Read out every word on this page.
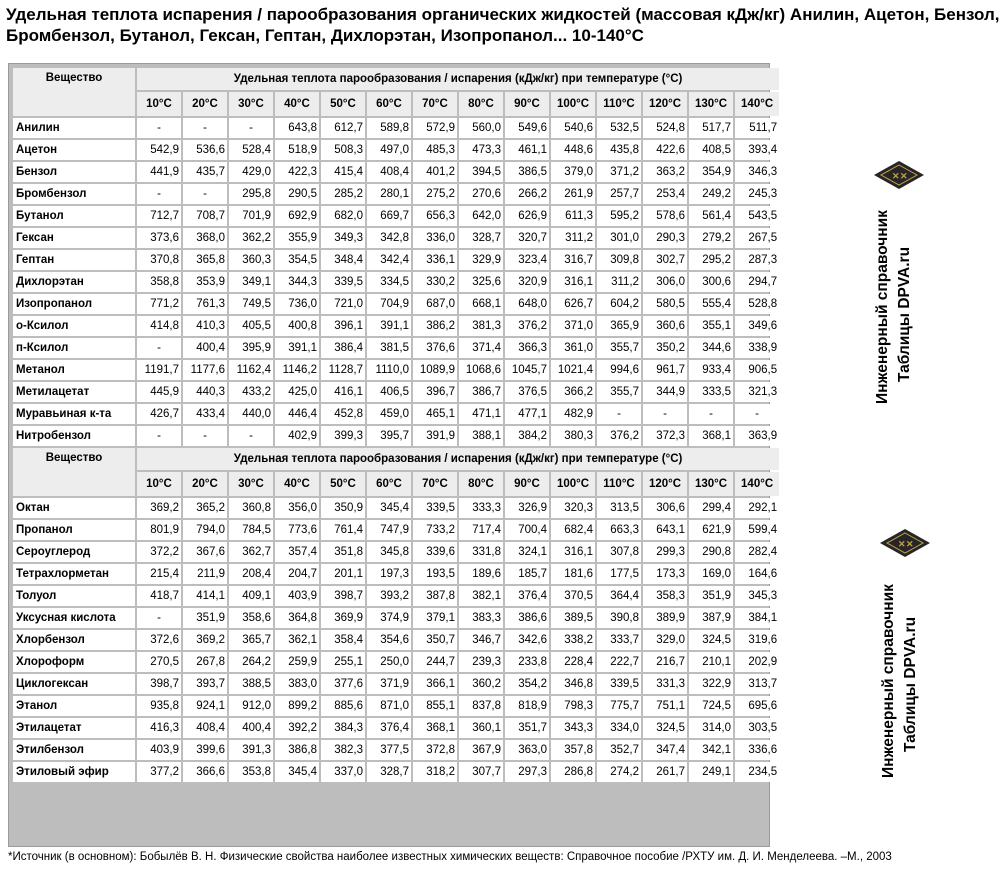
Удельная теплота испарения / парообразования органических жидкостей (массовая кДж/кг) Анилин, Ацетон, Бензол, Бромбензол, Бутанол, Гексан, Гептан, Дихлорэтан, Изопропанол... 10-140°C
Вещество	Удельная теплота парообразования / испарения (кДж/кг) при температуре (°C)													
	10°C	20°C	30°C	40°C	50°C	60°C	70°C	80°C	90°C	100°C	110°C	120°C	130°C	140°C
Анилин	-	-	-	643,8	612,7	589,8	572,9	560,0	549,6	540,6	532,5	524,8	517,7	511,7
Ацетон	542,9	536,6	528,4	518,9	508,3	497,0	485,3	473,3	461,1	448,6	435,8	422,6	408,5	393,4
Бензол	441,9	435,7	429,0	422,3	415,4	408,4	401,2	394,5	386,5	379,0	371,2	363,2	354,9	346,3
Бромбензол	-	-	295,8	290,5	285,2	280,1	275,2	270,6	266,2	261,9	257,7	253,4	249,2	245,3
Бутанол	712,7	708,7	701,9	692,9	682,0	669,7	656,3	642,0	626,9	611,3	595,2	578,6	561,4	543,5
Гексан	373,6	368,0	362,2	355,9	349,3	342,8	336,0	328,7	320,7	311,2	301,0	290,3	279,2	267,5
Гептан	370,8	365,8	360,3	354,5	348,4	342,4	336,1	329,9	323,4	316,7	309,8	302,7	295,2	287,3
Дихлорэтан	358,8	353,9	349,1	344,3	339,5	334,5	330,2	325,6	320,9	316,1	311,2	306,0	300,6	294,7
Изопропанол	771,2	761,3	749,5	736,0	721,0	704,9	687,0	668,1	648,0	626,7	604,2	580,5	555,4	528,8
о-Ксилол	414,8	410,3	405,5	400,8	396,1	391,1	386,2	381,3	376,2	371,0	365,9	360,6	355,1	349,6
п-Ксилол	-	400,4	395,9	391,1	386,4	381,5	376,6	371,4	366,3	361,0	355,7	350,2	344,6	338,9
Метанол	1191,7	1177,6	1162,4	1146,2	1128,7	1110,0	1089,9	1068,6	1045,7	1021,4	994,6	961,7	933,4	906,5
Метилацетат	445,9	440,3	433,2	425,0	416,1	406,5	396,7	386,7	376,5	366,2	355,7	344,9	333,5	321,3
Муравьиная к-та	426,7	433,4	440,0	446,4	452,8	459,0	465,1	471,1	477,1	482,9	-	-	-	-
Нитробензол	-	-	-	402,9	399,3	395,7	391,9	388,1	384,2	380,3	376,2	372,3	368,1	363,9
Вещество	Удельная теплота парообразования / испарения (кДж/кг) при температуре (°C)													
	10°C	20°C	30°C	40°C	50°C	60°C	70°C	80°C	90°C	100°C	110°C	120°C	130°C	140°C
Октан	369,2	365,2	360,8	356,0	350,9	345,4	339,5	333,3	326,9	320,3	313,5	306,6	299,4	292,1
Пропанол	801,9	794,0	784,5	773,6	761,4	747,9	733,2	717,4	700,4	682,4	663,3	643,1	621,9	599,4
Сероуглерод	372,2	367,6	362,7	357,4	351,8	345,8	339,6	331,8	324,1	316,1	307,8	299,3	290,8	282,4
Тетрахлорметан	215,4	211,9	208,4	204,7	201,1	197,3	193,5	189,6	185,7	181,6	177,5	173,3	169,0	164,6
Толуол	418,7	414,1	409,1	403,9	398,7	393,2	387,8	382,1	376,4	370,5	364,4	358,3	351,9	345,3
Уксусная кислота	-	351,9	358,6	364,8	369,9	374,9	379,1	383,3	386,6	389,5	390,8	389,9	387,9	384,1
Хлорбензол	372,6	369,2	365,7	362,1	358,4	354,6	350,7	346,7	342,6	338,2	333,7	329,0	324,5	319,6
Хлороформ	270,5	267,8	264,2	259,9	255,1	250,0	244,7	239,3	233,8	228,4	222,7	216,7	210,1	202,9
Циклогексан	398,7	393,7	388,5	383,0	377,6	371,9	366,1	360,2	354,2	346,8	339,5	331,3	322,9	313,7
Этанол	935,8	924,1	912,0	899,2	885,6	871,0	855,1	837,8	818,9	798,3	775,7	751,1	724,5	695,6
Этилацетат	416,3	408,4	400,4	392,2	384,3	376,4	368,1	360,1	351,7	343,3	334,0	324,5	314,0	303,5
Этилбензол	403,9	399,6	391,3	386,8	382,3	377,5	372,8	367,9	363,0	357,8	352,7	347,4	342,1	336,6
Этиловый эфир	377,2	366,6	353,8	345,4	337,0	328,7	318,2	307,7	297,3	286,8	274,2	261,7	249,1	234,5
✕ ✕
Инженерный справочник Таблицы DPVA.ru
✕ ✕
Инженерный справочник Таблицы DPVA.ru
*Источник (в основном): Бобылёв В. Н. Физические свойства наиболее известных химических веществ: Справочное пособие /РХТУ им. Д. И. Менделеева. –М., 2003
